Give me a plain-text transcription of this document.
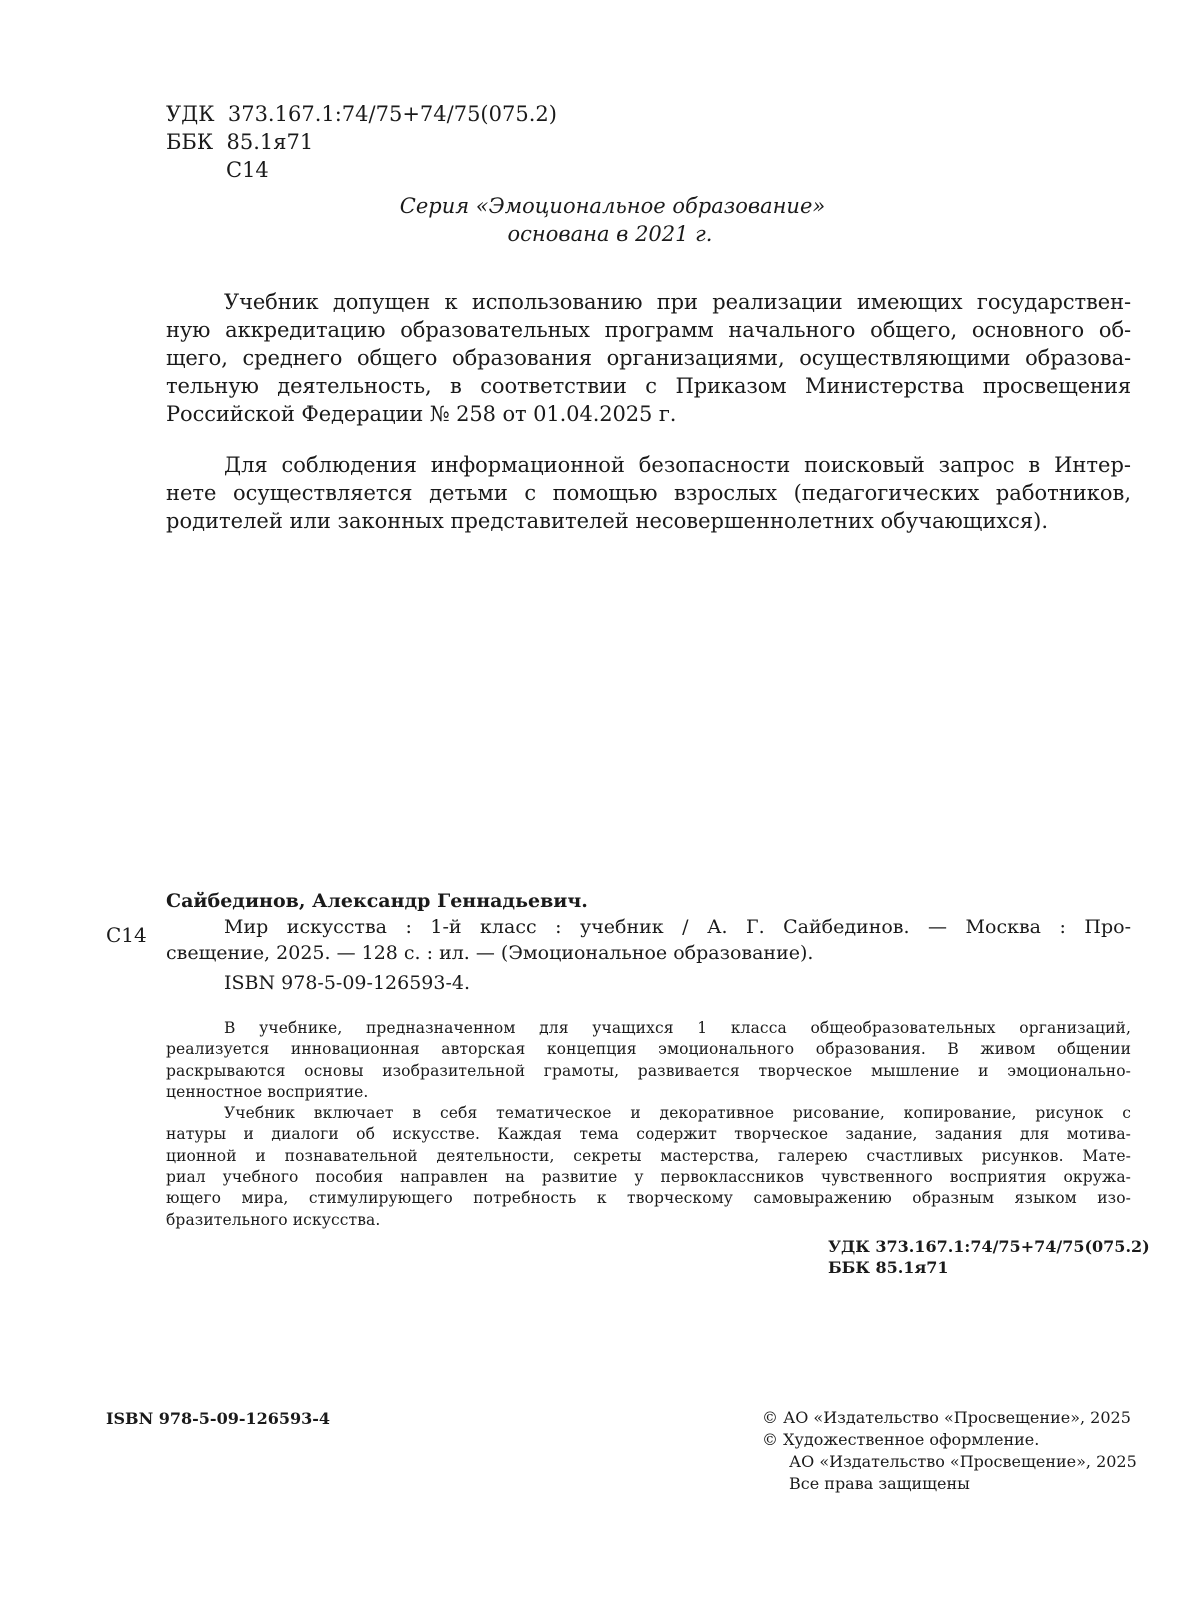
УДК  373.167.1:74/75+74/75(075.2)
ББК  85.1я71
С14
Серия «Эмоциональное образование»
основана в 2021 г.
Учебник допущен к использованию при реализации имеющих государствен-
ную аккредитацию образовательных программ начального общего, основного об-
щего, среднего общего образования организациями, осуществляющими образова-
тельную деятельность, в соответствии с Приказом Министерства просвещения
Российской Федерации № 258 от 01.04.2025 г.
Для соблюдения информационной безопасности поисковый запрос в Интер-
нете осуществляется детьми с помощью взрослых (педагогических работников,
родителей или законных представителей несовершеннолетних обучающихся).
Сайбединов, Александр Геннадьевич.
С14	Мир искусства : 1-й класс : учебник / А. Г. Сайбединов. — Москва : Про-
свещение, 2025. — 128 с. : ил. — (Эмоциональное образование).
ISBN 978-5-09-126593-4.
В учебнике, предназначенном для учащихся 1 класса общеобразовательных организаций,
реализуется инновационная авторская концепция эмоционального образования. В живом общении
раскрываются основы изобразительной грамоты, развивается творческое мышление и эмоционально-
ценностное восприятие.
Учебник включает в себя тематическое и декоративное рисование, копирование, рисунок с
натуры и диалоги об искусстве. Каждая тема содержит творческое задание, задания для мотива-
ционной и познавательной деятельности, секреты мастерства, галерею счастливых рисунков. Мате-
риал учебного пособия направлен на развитие у первоклассников чувственного восприятия окружа-
ющего мира, стимулирующего потребность к творческому самовыражению образным языком изо-
бразительного искусства.
УДК 373.167.1:74/75+74/75(075.2)
ББК 85.1я71
ISBN 978-5-09-126593-4	© АО «Издательство «Просвещение», 2025
© Художественное оформление.
АО «Издательство «Просвещение», 2025
Все права защищены
